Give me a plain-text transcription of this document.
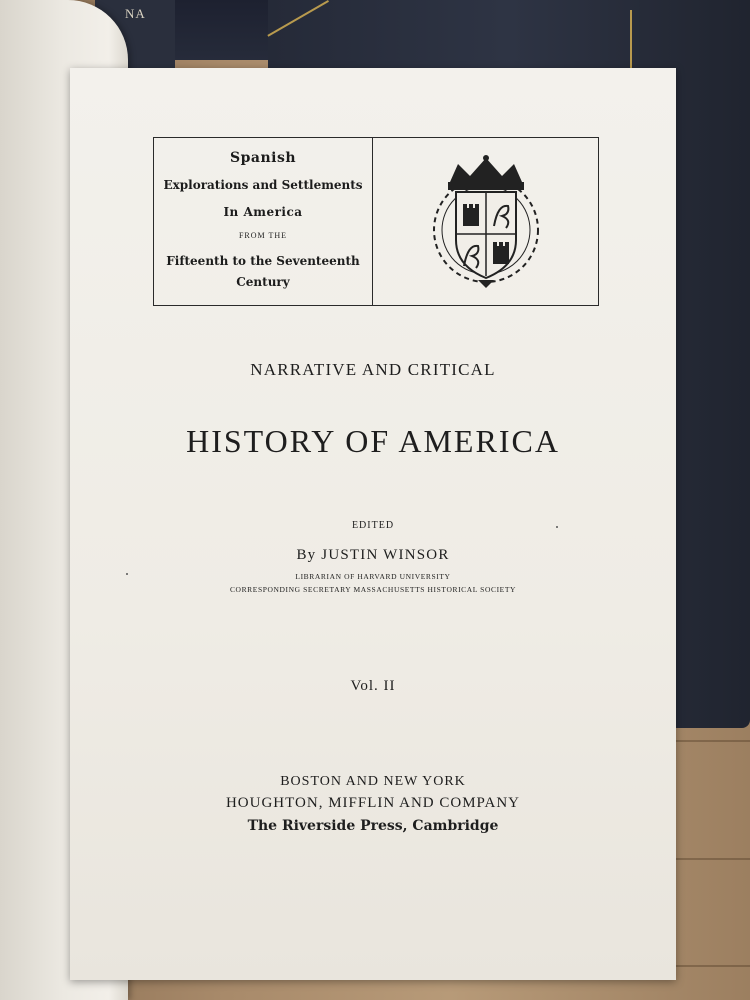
NA
Spanish
Explorations and Settlements
In America
FROM THE
Fifteenth to the Seventeenth
Century
NARRATIVE AND CRITICAL
HISTORY OF AMERICA
EDITED
By JUSTIN WINSOR
LIBRARIAN OF HARVARD UNIVERSITY
CORRESPONDING SECRETARY MASSACHUSETTS HISTORICAL SOCIETY
Vol. II
BOSTON AND NEW YORK
HOUGHTON, MIFFLIN AND COMPANY
The Riverside Press, Cambridge
